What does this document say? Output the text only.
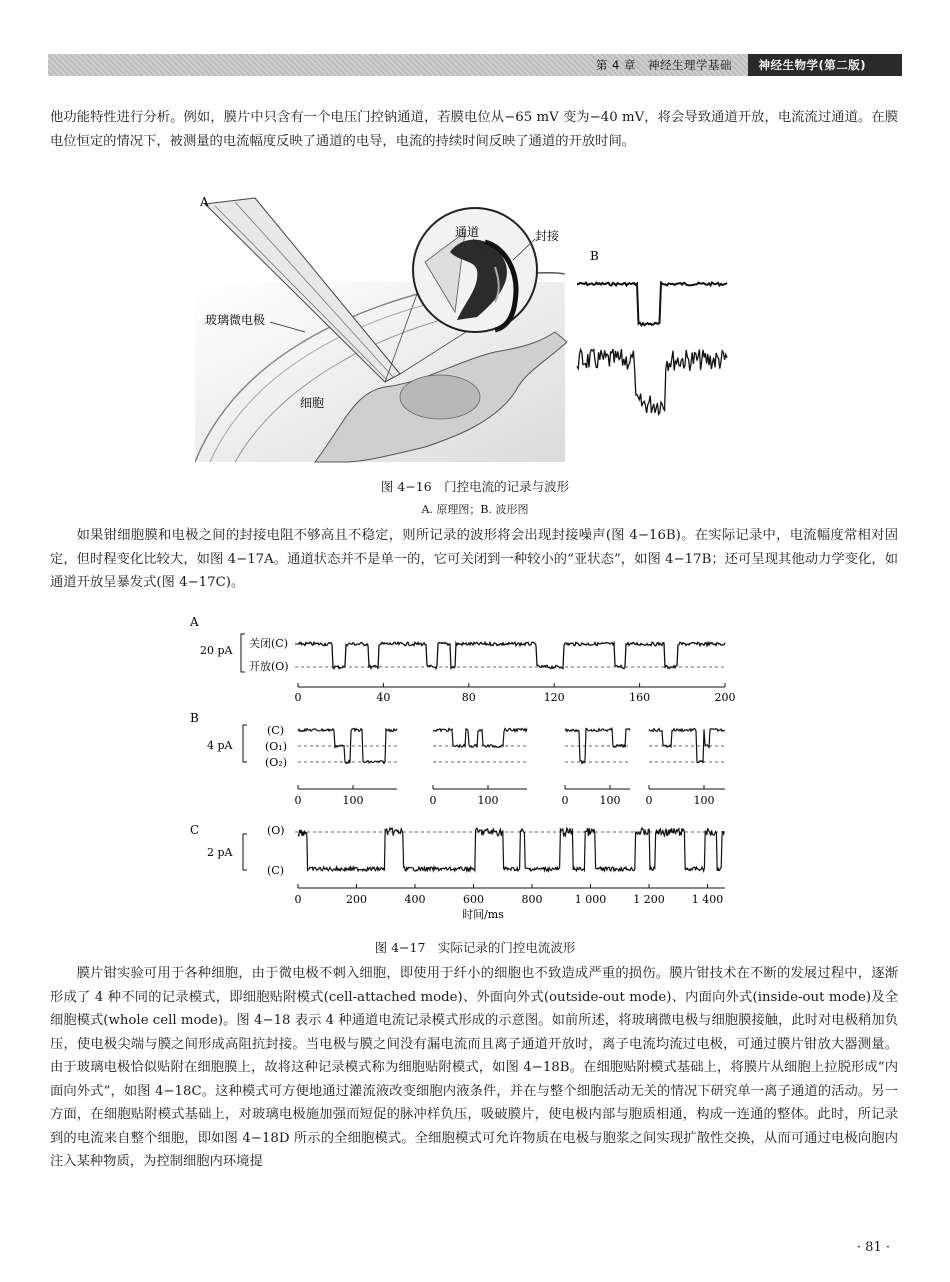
第 4 章　神经生理学基础	神经生物学(第二版)

他功能特性进行分析。例如，膜片中只含有一个电压门控钠通道，若膜电位从−65 mV 变为−40 mV，将会导致通道开放，电流流过通道。在膜电位恒定的情况下，被测量的电流幅度反映了通道的电导，电流的持续时间反映了通道的开放时间。

A
通道	封接
玻璃微电极
细胞
B
图 4−16　门控电流的记录与波形
A. 原理图；B. 波形图

如果钳细胞膜和电极之间的封接电阻不够高且不稳定，则所记录的波形将会出现封接噪声(图 4−16B)。在实际记录中，电流幅度常相对固定，但时程变化比较大，如图 4−17A。通道状态并不是单一的，它可关闭到一种较小的“亚状态”，如图 4−17B；还可呈现其他动力学变化，如通道开放呈暴发式(图 4−17C)。

A
20 pA
关闭(C)
开放(O)
0	40	80	120	160	200
B
4 pA
(C)
(O₁)
(O₂)
0	100	0	100	0	100 0	100
C
2 pA
(O)
(C)
0	200	400	600	800	1 000 1 200 1 400
时间/ms
图 4−17　实际记录的门控电流波形

膜片钳实验可用于各种细胞，由于微电极不刺入细胞，即使用于纤小的细胞也不致造成严重的损伤。膜片钳技术在不断的发展过程中，逐渐形成了 4 种不同的记录模式，即细胞贴附模式(cell-attached mode)、外面向外式(outside-out mode)、内面向外式(inside-out mode)及全细胞模式(whole cell mode)。图 4−18 表示 4 种通道电流记录模式形成的示意图。如前所述，将玻璃微电极与细胞膜接触，此时对电极稍加负压，使电极尖端与膜之间形成高阻抗封接。当电极与膜之间没有漏电流而且离子通道开放时，离子电流均流过电极，可通过膜片钳放大器测量。由于玻璃电极恰似贴附在细胞膜上，故将这种记录模式称为细胞贴附模式，如图 4−18B。在细胞贴附模式基础上，将膜片从细胞上拉脱形成“内面向外式”，如图 4−18C。这种模式可方便地通过灌流液改变细胞内液条件，并在与整个细胞活动无关的情况下研究单一离子通道的活动。另一方面，在细胞贴附模式基础上，对玻璃电极施加强而短促的脉冲样负压，吸破膜片，使电极内部与胞质相通，构成一连通的整体。此时，所记录到的电流来自整个细胞，即如图 4−18D 所示的全细胞模式。全细胞模式可允许物质在电极与胞浆之间实现扩散性交换，从而可通过电极向胞内注入某种物质，为控制细胞内环境提

· 81 ·
